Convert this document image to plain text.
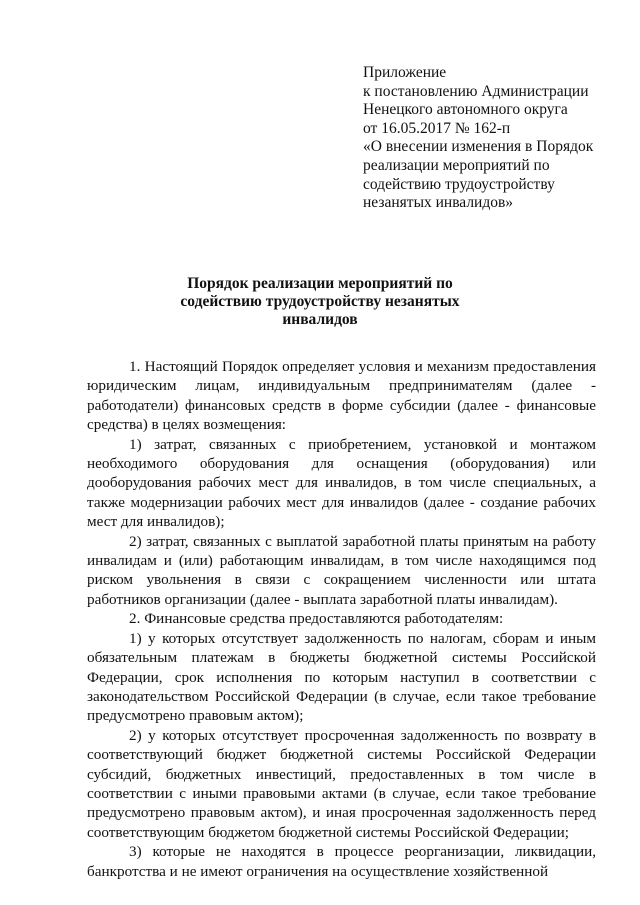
Приложение
к постановлению Администрации
Ненецкого автономного округа
от 16.05.2017 № 162-п
«О внесении изменения в Порядок
реализации мероприятий по
содействию трудоустройству
незанятых инвалидов»
Порядок реализации мероприятий по
содействию трудоустройству незанятых
инвалидов

1. Настоящий Порядок определяет условия и механизм предоставления юридическим лицам, индивидуальным предпринимателям (далее - работодатели) финансовых средств в форме субсидии (далее - финансовые средства) в целях возмещения:

1) затрат, связанных с приобретением, установкой и монтажом необходимого оборудования для оснащения (оборудования) или дооборудования рабочих мест для инвалидов, в том числе специальных, а также модернизации рабочих мест для инвалидов (далее - создание рабочих мест для инвалидов);

2) затрат, связанных с выплатой заработной платы принятым на работу инвалидам и (или) работающим инвалидам, в том числе находящимся под риском увольнения в связи с сокращением численности или штата работников организации (далее - выплата заработной платы инвалидам).

2. Финансовые средства предоставляются работодателям:

1) у которых отсутствует задолженность по налогам, сборам и иным обязательным платежам в бюджеты бюджетной системы Российской Федерации, срок исполнения по которым наступил в соответствии с законодательством Российской Федерации (в случае, если такое требование предусмотрено правовым актом);

2) у которых отсутствует просроченная задолженность по возврату в соответствующий бюджет бюджетной системы Российской Федерации субсидий, бюджетных инвестиций, предоставленных в том числе в соответствии с иными правовыми актами (в случае, если такое требование предусмотрено правовым актом), и иная просроченная задолженность перед соответствующим бюджетом бюджетной системы Российской Федерации;

3) которые не находятся в процессе реорганизации, ликвидации, банкротства и не имеют ограничения на осуществление хозяйственной
